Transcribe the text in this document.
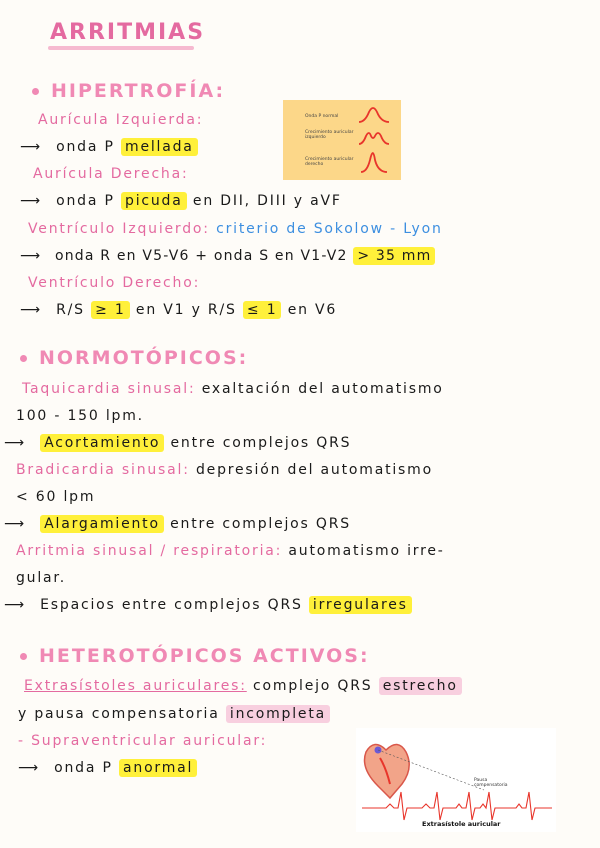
ARRITMIAS
HIPERTROFÍA:
Aurícula Izquierda:
⟶ onda P mellada
Aurícula Derecha:
⟶ onda P picuda en DII, DIII y aVF
Ventrículo Izquierdo: criterio de Sokolow - Lyon
⟶ onda R en V5-V6 + onda S en V1-V2 > 35 mm
Ventrículo Derecho:
⟶ R/S ≥ 1 en V1 y R/S ≤ 1 en V6
Onda P normal
Crecimiento auricular izquierdo
Crecimiento auricular derecho
NORMOTÓPICOS:
Taquicardia sinusal: exaltación del automatismo
100 - 150 lpm.
⟶ Acortamiento entre complejos QRS
Bradicardia sinusal: depresión del automatismo
< 60 lpm
⟶ Alargamiento entre complejos QRS
Arritmia sinusal / respiratoria: automatismo irre-
gular.
⟶ Espacios entre complejos QRS irregulares
HETEROTÓPICOS ACTIVOS:
Extrasístoles auriculares: complejo QRS estrecho
y pausa compensatoria incompleta
- Supraventricular auricular:
⟶ onda P anormal
Pausa compensatoria
Extrasístole auricular
